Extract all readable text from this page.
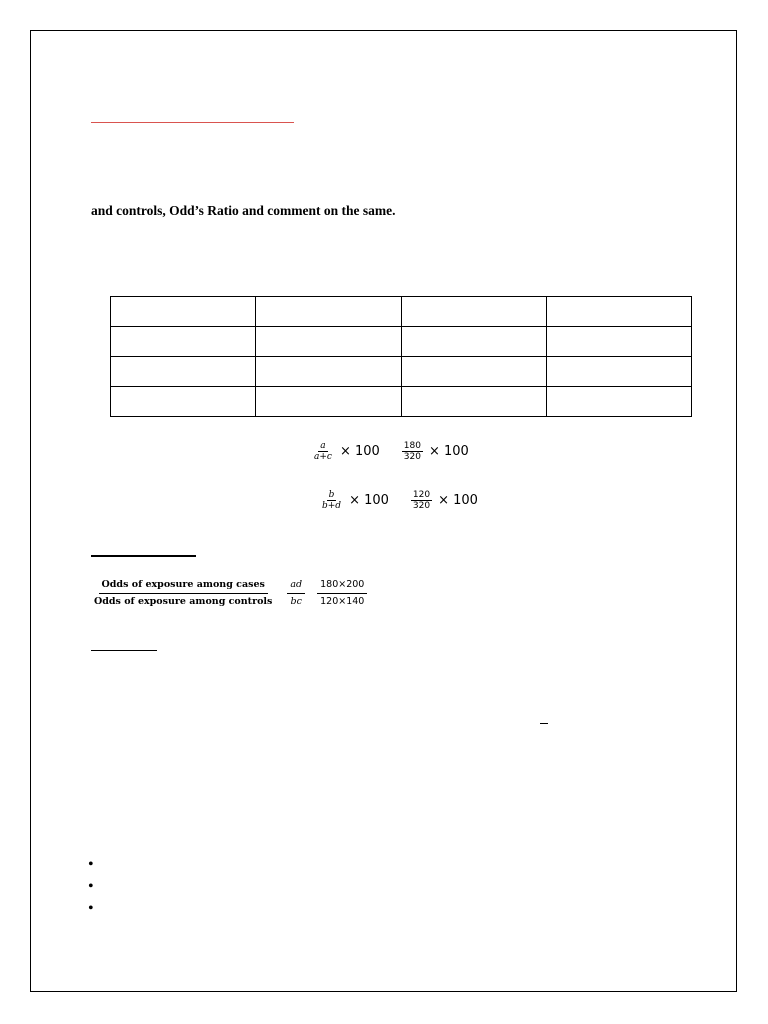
and controls, Odd’s Ratio and comment on the same.

$\frac{a}{a+c} \times 100 \frac{180}{320} \times 100$
$\frac{b}{b+d} \times 100 \frac{120}{320} \times 100$
$\frac{\text{Odds of exposure among cases}}{\text{Odds of exposure among controls}} \frac{ad}{bc} \frac{180\times 200}{120\times 140}$
•
•
•
